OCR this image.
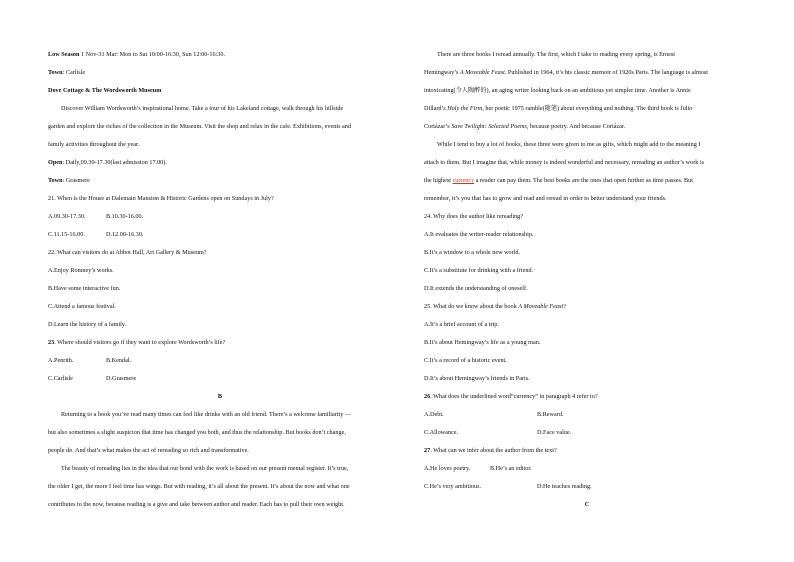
Low Season 1 Nov-31 Mar: Mon to Sat 10:00-16:30, Sun 12:00-16:30.
Town: Carlisle
Dove Cottage & The Wordsworth Museum
Discover William Wordsworth’s inspirational home. Take a tour of his Lakeland cottage, walk through his hillside
garden and explore the riches of the collection in the Museum. Visit the shop and relax in the cafe. Exhibitions, events and
family activities throughout the year.
Open: Daily,09.30-17.30(last admission 17.00).
Town: Grasmere
21. When is the House at Dalemain Mansion & Historic Gardens open on Sundays in July?
A.09.30-17.30.	B.10.30-16.00.
C.11.15-16.00.	D.12.00-16.30.
22. What can visitors do at Abbot Hall, Art Gallery & Museum?
A.Enjoy Romney’s works.
B.Have some interactive fun.
C.Attend a famous festival.
D.Learn the history of a family.
23. Where should visitors go if they want to explore Wordsworth’s life?
A.Penrith.	B.Kendal.
C.Carlisle	D.Grasmere
B
Returning to a book you’ve read many times can feel like drinks with an old friend. There’s a welcome familiarity —
but also sometimes a slight suspicion that time has changed you both, and thus the relationship. But books don’t change,
people do. And that’s what makes the act of rereading so rich and transformative.
The beauty of rereading lies in the idea that our bond with the work is based on our present mental register. It’s true,
the older I get, the more I feel time has wings. But with reading, it’s all about the present. It’s about the now and what one
contributes to the now, because reading is a give and take between author and reader. Each has to pull their own weight.
There are three books I reread annually. The first, which I take to reading every spring, is Ernest
Hemingway’s A Moveable Feast. Published in 1964, it’s his classic memoir of 1920s Paris. The language is almost
intoxicating(令人陶醉的), an aging writer looking back on an ambitious yet simpler time. Another is Annie
Dillard’s Holy the Firm, her poetic 1975 ramble(随笔) about everything and nothing. The third book is Julio
Cortázar’s Save Twilight: Selected Poems, because poetry. And because Cortázar.
While I tend to buy a lot of books, these three were given to me as gifts, which might add to the meaning I
attach to them. But I imagine that, while money is indeed wonderful and necessary, rereading an author’s work is
the highest currency a reader can pay them. The best books are the ones that open further as time passes. But
remember, it’s you that has to grow and read and reread in order to better understand your friends.
24. Why does the author like rereading?
A.It evaluates the writer-reader relationship.
B.It’s a window to a whole new world.
C.It’s a substitute for drinking with a friend.
D.It extends the understanding of oneself.
25. What do we know about the book A Moveable Feast?
A.It’s a brief account of a trip.
B.It’s about Hemingway’s life as a young man.
C.It’s a record of a historic event.
D.It’s about Hemingway’s friends in Paris.
26. What does the underlined word“currency” in paragraph 4 refer to?
A.Debt.	B.Reward.
C.Allowance.	D.Face value.
27. What can we infer about the author from the text?
A.He loves poetry.	B.He’s an editor.
C.He’s very ambitious.	D.He teaches reading.
C
